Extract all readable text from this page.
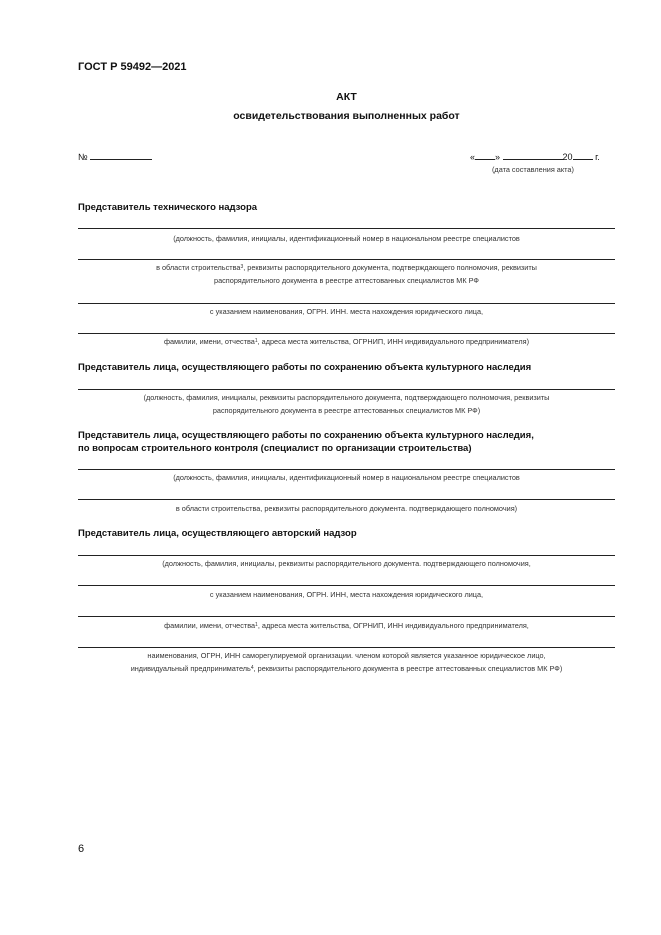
ГОСТ Р 59492—2021
АКТ
освидетельствования выполненных работ
№	« »	20	г.
(дата составления акта)
Представитель технического надзора
(должность, фамилия, инициалы, идентификационный номер в национальном реестре специалистов
в области строительства$^3$, реквизиты распорядительного документа, подтверждающего полномочия, реквизиты
распорядительного документа в реестре аттестованных специалистов МК РФ
с указанием наименования, ОГРН. ИНН. места нахождения юридического лица,
фамилии, имени, отчества$^1$, адреса места жительства, ОГРНИП, ИНН индивидуального предпринимателя)
Представитель лица, осуществляющего работы по сохранению объекта культурного наследия
(должность, фамилия, инициалы, реквизиты распорядительного документа, подтверждающего полномочия, реквизиты
распорядительного документа в реестре аттестованных специалистов МК РФ)
Представитель лица, осуществляющего работы по сохранению объекта культурного наследия,
по вопросам строительного контроля (специалист по организации строительства)
(должность, фамилия, инициалы, идентификационный номер в национальном реестре специалистов
в области строительства, реквизиты распорядительного документа. подтверждающего полномочия)
Представитель лица, осуществляющего авторский надзор
(должность, фамилия, инициалы, реквизиты распорядительного документа. подтверждающего полномочия,
с указанием наименования, ОГРН. ИНН, места нахождения юридического лица,
фамилии, имени, отчества$^1$, адреса места жительства, ОГРНИП, ИНН индивидуального предпринимателя,
наименования, ОГРН, ИНН саморегулируемой организации. членом которой является указанное юридическое лицо,
индивидуальный предприниматель$^4$, реквизиты распорядительного документа в реестре аттестованных специалистов МК РФ)
6
